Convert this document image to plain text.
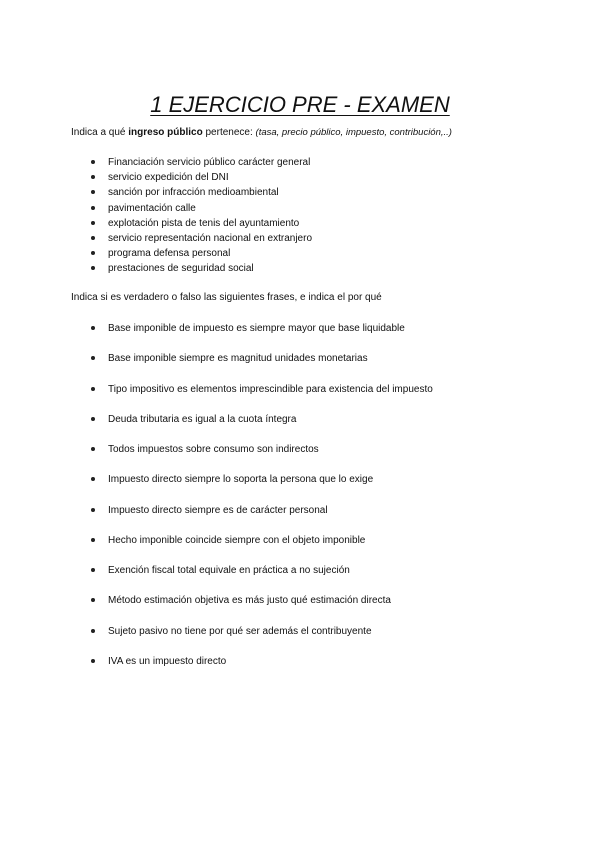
1 EJERCICIO PRE - EXAMEN
Indica a qué ingreso público pertenece: (tasa, precio público, impuesto, contribución,..)
Financiación servicio público carácter general
servicio expedición del DNI
sanción por infracción medioambiental
pavimentación calle
explotación pista de tenis del ayuntamiento
servicio representación nacional en extranjero
programa defensa personal
prestaciones de seguridad social
Indica si es verdadero o falso las siguientes frases, e indica el por qué
Base imponible de impuesto es siempre mayor que base liquidable
Base imponible siempre es magnitud unidades monetarias
Tipo impositivo es elementos imprescindible para existencia del impuesto
Deuda tributaria es igual a la cuota íntegra
Todos impuestos sobre consumo son indirectos
Impuesto directo siempre lo soporta la persona que lo exige
Impuesto directo siempre es de carácter personal
Hecho imponible coincide siempre con el objeto imponible
Exención fiscal total equivale en práctica a no sujeción
Método estimación objetiva es más justo qué estimación directa
Sujeto pasivo no tiene por qué ser además el contribuyente
IVA es un impuesto directo
